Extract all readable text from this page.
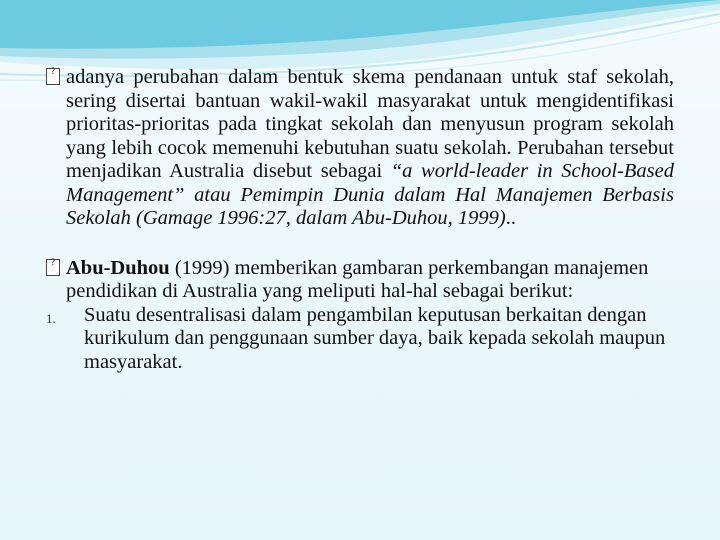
? adanya perubahan dalam bentuk skema pendanaan untuk staf sekolah, sering disertai bantuan wakil-wakil masyarakat untuk mengidentifikasi prioritas-prioritas pada tingkat sekolah dan menyusun program sekolah yang lebih cocok memenuhi kebutuhan suatu sekolah. Perubahan tersebut menjadikan Australia disebut sebagai “a world-leader in School-Based Management” atau Pemimpin Dunia dalam Hal Manajemen Berbasis Sekolah (Gamage 1996:27, dalam Abu-Duhou, 1999)..
? Abu-Duhou (1999) memberikan gambaran perkembangan manajemen pendidikan di Australia yang meliputi hal-hal sebagai berikut:
1. Suatu desentralisasi dalam pengambilan keputusan berkaitan dengan kurikulum dan penggunaan sumber daya, baik kepada sekolah maupun masyarakat.
